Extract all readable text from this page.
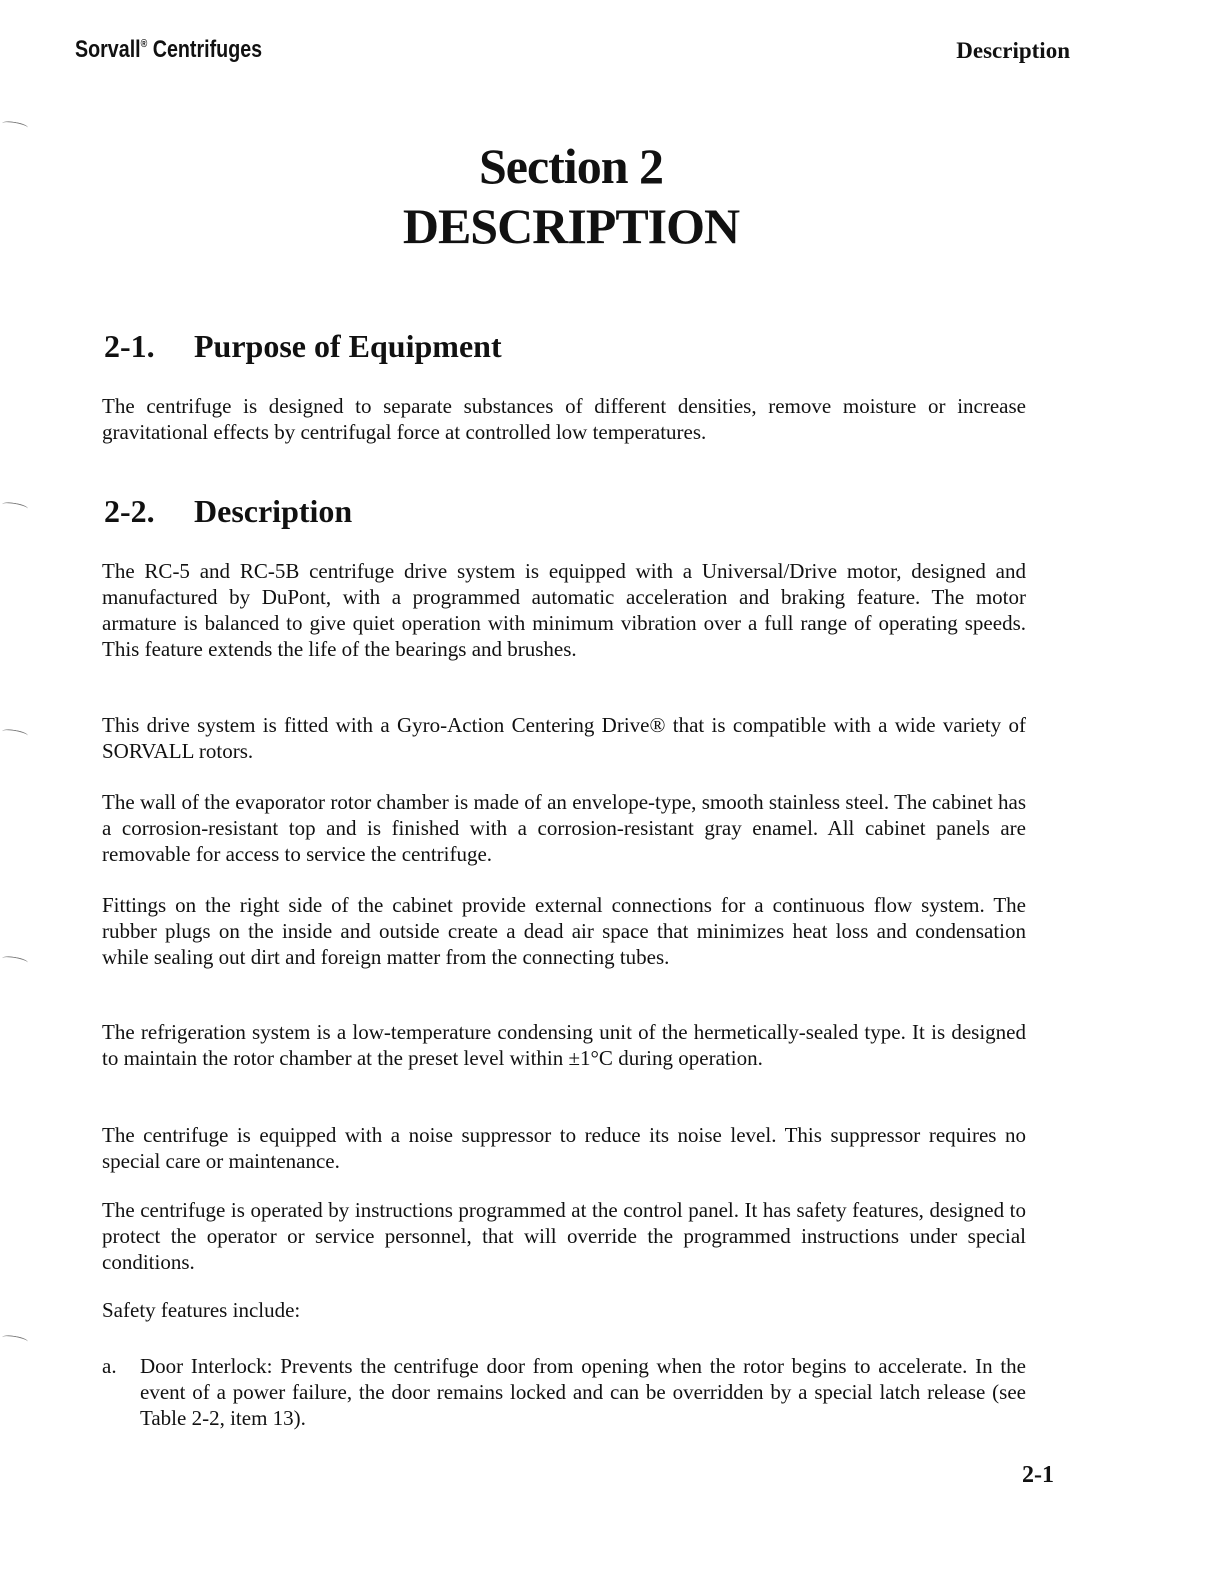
Sorvall® Centrifuges	Description
Section 2
DESCRIPTION
2-1. Purpose of Equipment

The centrifuge is designed to separate substances of different densities, remove moisture or increase gravitational effects by centrifugal force at controlled low temperatures.

2-2. Description

The RC-5 and RC-5B centrifuge drive system is equipped with a Universal/Drive motor, designed and manufactured by DuPont, with a programmed automatic acceleration and braking feature. The motor armature is balanced to give quiet operation with minimum vibration over a full range of operating speeds. This feature extends the life of the bearings and brushes.

This drive system is fitted with a Gyro-Action Centering Drive® that is compatible with a wide variety of SORVALL rotors.

The wall of the evaporator rotor chamber is made of an envelope-type, smooth stainless steel. The cabinet has a corrosion-resistant top and is finished with a corrosion-resistant gray enamel. All cabinet panels are removable for access to service the centrifuge.

Fittings on the right side of the cabinet provide external connections for a continuous flow system. The rubber plugs on the inside and outside create a dead air space that minimizes heat loss and condensation while sealing out dirt and foreign matter from the connecting tubes.

The refrigeration system is a low-temperature condensing unit of the hermetically-sealed type. It is designed to maintain the rotor chamber at the preset level within ±1°C during operation.

The centrifuge is equipped with a noise suppressor to reduce its noise level. This suppressor requires no special care or maintenance.

The centrifuge is operated by instructions programmed at the control panel. It has safety features, designed to protect the operator or service personnel, that will override the programmed instructions under special conditions.

Safety features include:

a. Door Interlock: Prevents the centrifuge door from opening when the rotor begins to accelerate. In the event of a power failure, the door remains locked and can be overridden by a special latch release (see Table 2-2, item 13).
2-1
